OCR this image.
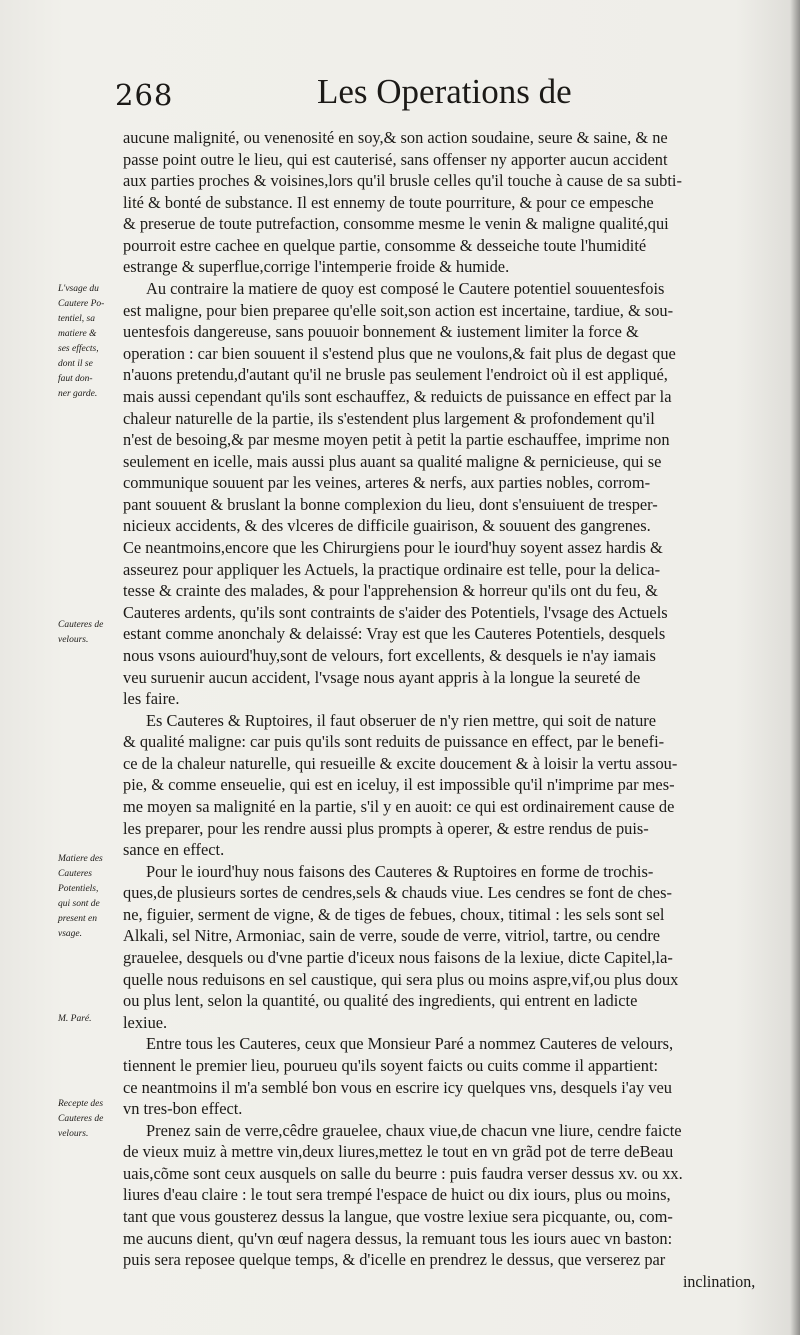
268	Les Operations de
L'vsage du
Cautere Po-
tentiel, sa
matiere &
ses effects,
dont il se
faut don-
ner garde.
Cauteres de
velours.
Matiere des
Cauteres
Potentiels,
qui sont de
present en
vsage.
M. Paré.
Recepte des
Cauteres de
velours.
aucune malignité, ou venenosité en soy,& son action soudaine, seure & saine, & ne
passe point outre le lieu, qui est cauterisé, sans offenser ny apporter aucun accident
aux parties proches & voisines,lors qu'il brusle celles qu'il touche à cause de sa subti-
lité & bonté de substance. Il est ennemy de toute pourriture, & pour ce empesche
& preserue de toute putrefaction, consomme mesme le venin & maligne qualité,qui
pourroit estre cachee en quelque partie, consomme & desseiche toute l'humidité
estrange & superflue,corrige l'intemperie froide & humide.
Au contraire la matiere de quoy est composé le Cautere potentiel souuentesfois
est maligne, pour bien preparee qu'elle soit,son action est incertaine, tardiue, & sou-
uentesfois dangereuse, sans pouuoir bonnement & iustement limiter la force &
operation : car bien souuent il s'estend plus que ne voulons,& fait plus de degast que
n'auons pretendu,d'autant qu'il ne brusle pas seulement l'endroict où il est appliqué,
mais aussi cependant qu'ils sont eschauffez, & reduicts de puissance en effect par la
chaleur naturelle de la partie, ils s'estendent plus largement & profondement qu'il
n'est de besoing,& par mesme moyen petit à petit la partie eschauffee, imprime non
seulement en icelle, mais aussi plus auant sa qualité maligne & pernicieuse, qui se
communique souuent par les veines, arteres & nerfs, aux parties nobles, corrom-
pant souuent & bruslant la bonne complexion du lieu, dont s'ensuiuent de tresper-
nicieux accidents, & des vlceres de difficile guairison, & souuent des gangrenes.
Ce neantmoins,encore que les Chirurgiens pour le iourd'huy soyent assez hardis &
asseurez pour appliquer les Actuels, la practique ordinaire est telle, pour la delica-
tesse & crainte des malades, & pour l'apprehension & horreur qu'ils ont du feu, &
Cauteres ardents, qu'ils sont contraints de s'aider des Potentiels, l'vsage des Actuels
estant comme anonchaly & delaissé: Vray est que les Cauteres Potentiels, desquels
nous vsons auiourd'huy,sont de velours, fort excellents, & desquels ie n'ay iamais
veu suruenir aucun accident, l'vsage nous ayant appris à la longue la seureté de
les faire.
Es Cauteres & Ruptoires, il faut obseruer de n'y rien mettre, qui soit de nature
& qualité maligne: car puis qu'ils sont reduits de puissance en effect, par le benefi-
ce de la chaleur naturelle, qui resueille & excite doucement & à loisir la vertu assou-
pie, & comme enseuelie, qui est en iceluy, il est impossible qu'il n'imprime par mes-
me moyen sa malignité en la partie, s'il y en auoit: ce qui est ordinairement cause de
les preparer, pour les rendre aussi plus prompts à operer, & estre rendus de puis-
sance en effect.
Pour le iourd'huy nous faisons des Cauteres & Ruptoires en forme de trochis-
ques,de plusieurs sortes de cendres,sels & chauds viue. Les cendres se font de ches-
ne, figuier, serment de vigne, & de tiges de febues, choux, titimal : les sels sont sel
Alkali, sel Nitre, Armoniac, sain de verre, soude de verre, vitriol, tartre, ou cendre
grauelee, desquels ou d'vne partie d'iceux nous faisons de la lexiue, dicte Capitel,la-
quelle nous reduisons en sel caustique, qui sera plus ou moins aspre,vif,ou plus doux
ou plus lent, selon la quantité, ou qualité des ingredients, qui entrent en ladicte
lexiue.
Entre tous les Cauteres, ceux que Monsieur Paré a nommez Cauteres de velours,
tiennent le premier lieu, pourueu qu'ils soyent faicts ou cuits comme il appartient:
ce neantmoins il m'a semblé bon vous en escrire icy quelques vns, desquels i'ay veu
vn tres-bon effect.
Prenez sain de verre,cêdre grauelee, chaux viue,de chacun vne liure, cendre faicte
de vieux muiz à mettre vin,deux liures,mettez le tout en vn grãd pot de terre deBeau
uais,cõme sont ceux ausquels on salle du beurre : puis faudra verser dessus xv. ou xx.
liures d'eau claire : le tout sera trempé l'espace de huict ou dix iours, plus ou moins,
tant que vous gousterez dessus la langue, que vostre lexiue sera picquante, ou, com-
me aucuns dient, qu'vn œuf nagera dessus, la remuant tous les iours auec vn baston:
puis sera reposee quelque temps, & d'icelle en prendrez le dessus, que verserez par
inclination,
